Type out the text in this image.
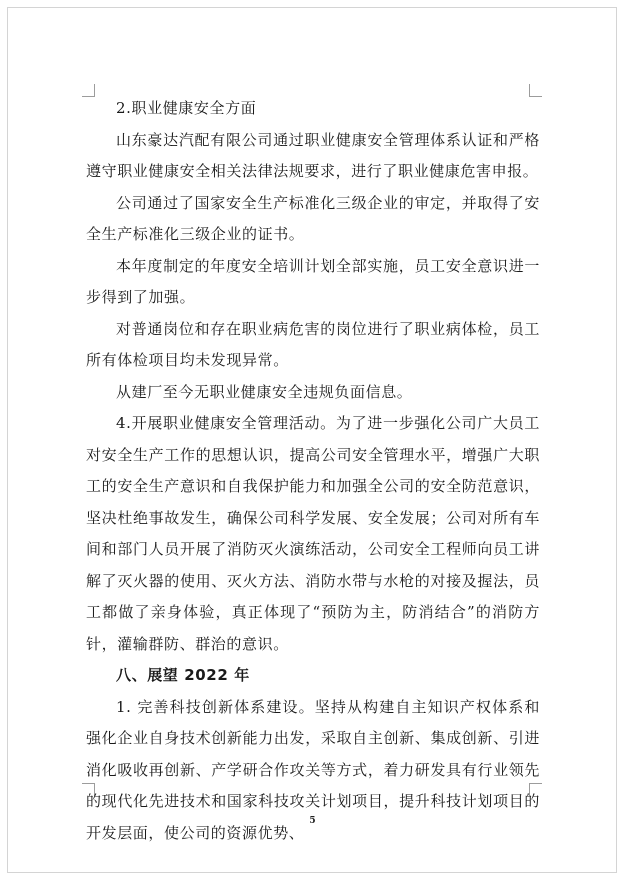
2.职业健康安全方面

山东豪达汽配有限公司通过职业健康安全管理体系认证和严格遵守职业健康安全相关法律法规要求，进行了职业健康危害申报。

公司通过了国家安全生产标准化三级企业的审定，并取得了安全生产标准化三级企业的证书。

本年度制定的年度安全培训计划全部实施，员工安全意识进一步得到了加强。

对普通岗位和存在职业病危害的岗位进行了职业病体检，员工所有体检项目均未发现异常。

从建厂至今无职业健康安全违规负面信息。

4.开展职业健康安全管理活动。为了进一步强化公司广大员工对安全生产工作的思想认识，提高公司安全管理水平，增强广大职工的安全生产意识和自我保护能力和加强全公司的安全防范意识，坚决杜绝事故发生，确保公司科学发展、安全发展；公司对所有车间和部门人员开展了消防灭火演练活动，公司安全工程师向员工讲解了灭火器的使用、灭火方法、消防水带与水枪的对接及握法，员工都做了亲身体验，真正体现了“预防为主，防消结合”的消防方针，灌输群防、群治的意识。

八、展望 2022 年

1. 完善科技创新体系建设。坚持从构建自主知识产权体系和强化企业自身技术创新能力出发，采取自主创新、集成创新、引进消化吸收再创新、产学研合作攻关等方式，着力研发具有行业领先的现代化先进技术和国家科技攻关计划项目，提升科技计划项目的开发层面，使公司的资源优势、

5
